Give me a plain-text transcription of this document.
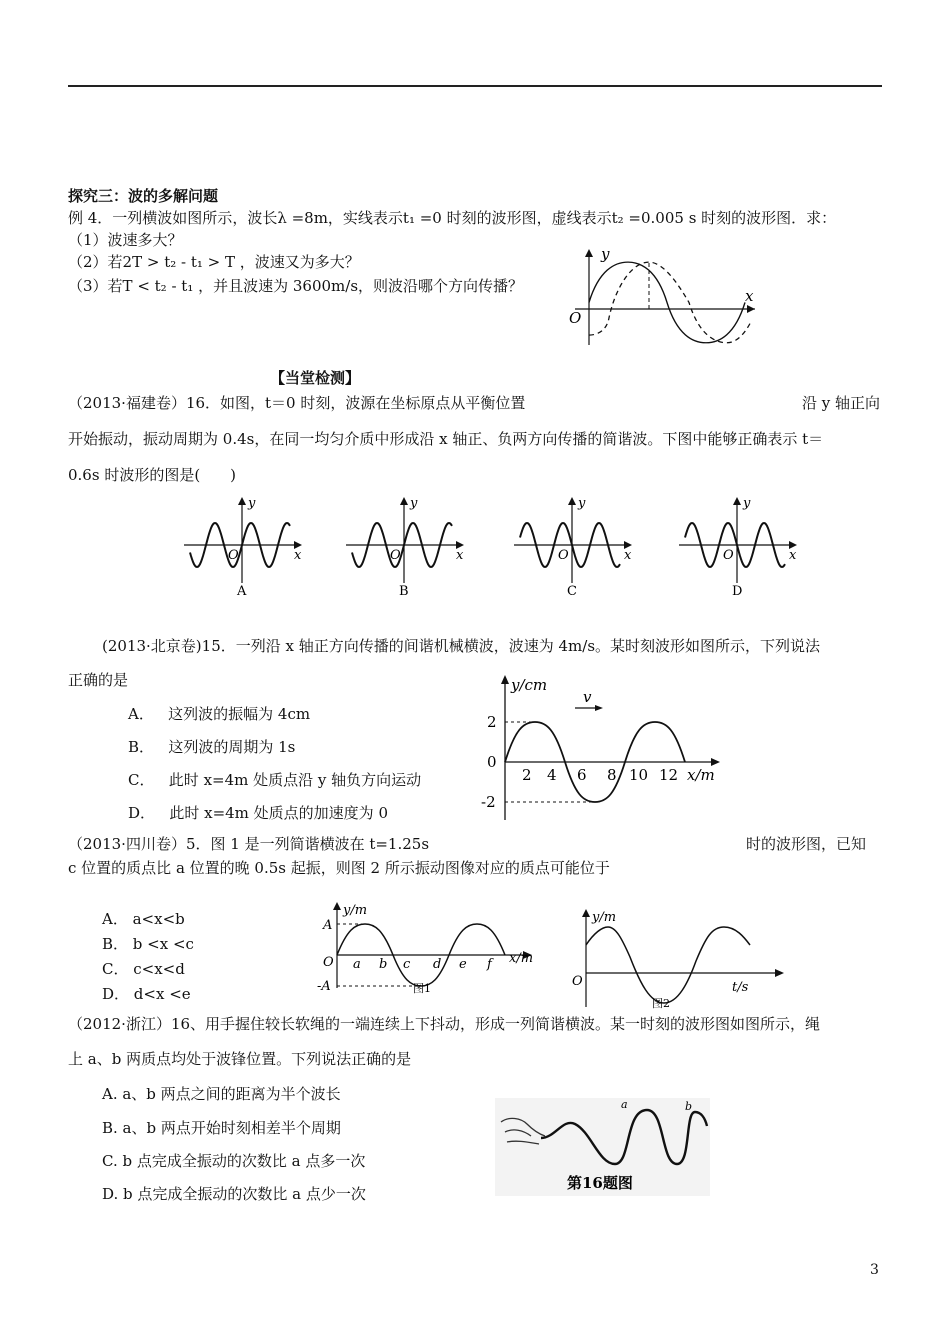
探究三：波的多解问题
例 4．一列横波如图所示，波长λ =8m，实线表示t₁ =0 时刻的波形图，虚线表示t₂ =0.005 s 时刻的波形图．求：
（1）波速多大？
（2）若2T > t₂ - t₁ > T ，波速又为多大？
（3）若T < t₂ - t₁ ，并且波速为 3600m/s，则波沿哪个方向传播？
y
x
O
【当堂检测】
（2013·福建卷）16．如图，t＝0 时刻，波源在坐标原点从平衡位置	沿 y 轴正向
开始振动，振动周期为 0.4s，在同一均匀介质中形成沿 x 轴正、负两方向传播的简谐波。下图中能够正确表示 t＝
0.6s 时波形的图是(　　)
y
x
O
A
y
x
O
B
y
x
O
C
y
x
O
D
(2013·北京卷)15．一列沿 x 轴正方向传播的间谐机械横波，波速为 4m/s。某时刻波形如图所示，下列说法
正确的是
A． 这列波的振幅为 4cm
B． 这列波的周期为 1s
C． 此时 x=4m 处质点沿 y 轴负方向运动
D． 此时 x=4m 处质点的加速度为 0
y/cm
v
2
0
-2
2 4 6 8 10 12 x/m
（2013·四川卷）5．图 1 是一列简谐横波在 t=1.25s	时的波形图，已知
c 位置的质点比 a 位置的晚 0.5s 起振，则图 2 所示振动图像对应的质点可能位于
A． a<x<b
B． b <x <c
C． c<x<d
D． d<x <e
y/m
A
-A
O a b c d e f x/m
图1
y/m
O	t/s
图2
（2012·浙江）16、用手握住较长软绳的一端连续上下抖动，形成一列简谐横波。某一时刻的波形图如图所示，绳
上 a、b 两质点均处于波锋位置。下列说法正确的是
A. a、b 两点之间的距离为半个波长
B. a、b 两点开始时刻相差半个周期
C. b 点完成全振动的次数比 a 点多一次
D. b 点完成全振动的次数比 a 点少一次
a	b
第16题图
3
